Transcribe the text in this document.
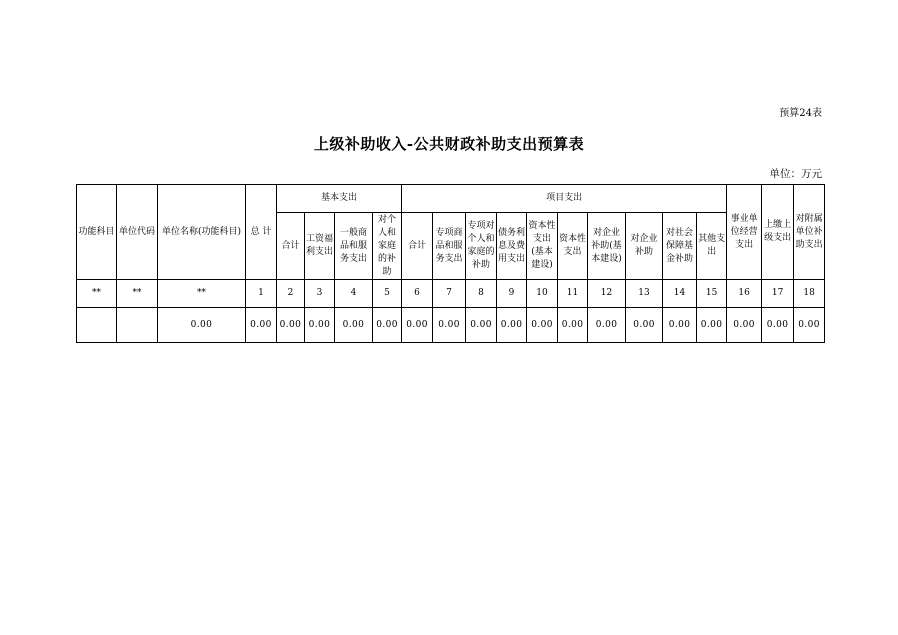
预算24表
上级补助收入-公共财政补助支出预算表
单位：万元
功能科目	单位代码	单位名称(功能科目)	总 计	基本支出				项目支出										事业单位经营支出	上缴上级支出	对附属单位补助支出
				合计	工资福利支出	一般商品和服务支出	对个人和家庭的补助	合计	专项商品和服务支出	专项对个人和家庭的补助	债务利息及费用支出	资本性支出(基本建设)	资本性支出	对企业补助(基本建设)	对企业补助	对社会保障基金补助	其他支出			
**	**	**	1	2	3	4	5	6	7	8	9	10	11	12	13	14	15	16	17	18
		0.00	0.00	0.00	0.00	0.00	0.00	0.00	0.00	0.00	0.00	0.00	0.00	0.00	0.00	0.00	0.00	0.00	0.00	0.00
